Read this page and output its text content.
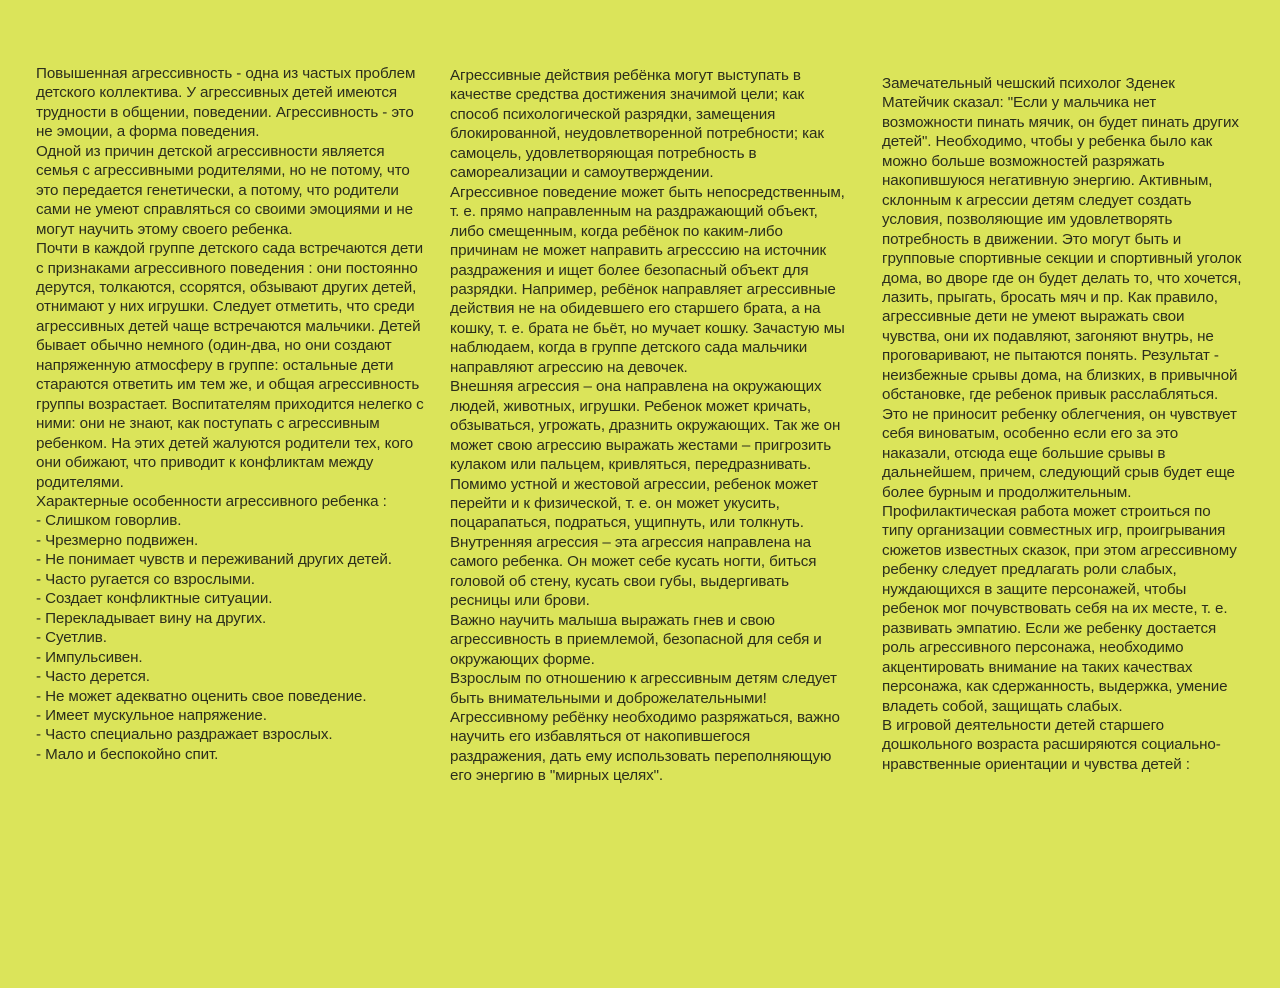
Повышенная агрессивность - одна из частых проблем детского коллектива. У агрессивных детей имеются трудности в общении, поведении. Агрессивность - это не эмоции, а форма поведения.

Одной из причин детской агрессивности является семья с агрессивными родителями, но не потому, что это передается генетически, а потому, что родители сами не умеют справляться со своими эмоциями и не могут научить этому своего ребенка.

Почти в каждой группе детского сада встречаются дети с признаками агрессивного поведения : они постоянно дерутся, толкаются, ссорятся, обзывают других детей, отнимают у них игрушки. Следует отметить, что среди агрессивных детей чаще встречаются мальчики. Детей бывает обычно немного (один-два, но они создают напряженную атмосферу в группе: остальные дети стараются ответить им тем же, и общая агрессивность группы возрастает. Воспитателям приходится нелегко с ними: они не знают, как поступать с агрессивным ребенком. На этих детей жалуются родители тех, кого они обижают, что приводит к конфликтам между родителями.

Характерные особенности агрессивного ребенка :

- Слишком говорлив.

- Чрезмерно подвижен.

- Не понимает чувств и переживаний других детей.

- Часто ругается со взрослыми.

- Создает конфликтные ситуации.

- Перекладывает вину на других.

- Суетлив.

- Импульсивен.

- Часто дерется.

- Не может адекватно оценить свое поведение.

- Имеет мускульное напряжение.

- Часто специально раздражает взрослых.

- Мало и беспокойно спит.

Агрессивные действия ребёнка могут выступать в качестве средства достижения значимой цели; как способ психологической разрядки, замещения блокированной, неудовлетворенной потребности; как самоцель, удовлетворяющая потребность в самореализации и самоутверждении.

Агрессивное поведение может быть непосредственным, т. е. прямо направленным на раздражающий объект, либо смещенным, когда ребёнок по каким-либо причинам не может направить агресссию на источник раздражения и ищет более безопасный объект для разрядки. Например, ребёнок направляет агрессивные действия не на обидевшего его старшего брата, а на кошку, т. е. брата не бьёт, но мучает кошку. Зачастую мы наблюдаем, когда в группе детского сада мальчики направляют агрессию на девочек.

Внешняя агрессия – она направлена на окружающих людей, животных, игрушки. Ребенок может кричать, обзываться, угрожать, дразнить окружающих. Так же он может свою агрессию выражать жестами – пригрозить кулаком или пальцем, кривляться, передразнивать. Помимо устной и жестовой агрессии, ребенок может перейти и к физической, т. е. он может укусить, поцарапаться, подраться, ущипнуть, или толкнуть.

Внутренняя агрессия – эта агрессия направлена на самого ребенка. Он может себе кусать ногти, биться головой об стену, кусать свои губы, выдергивать ресницы или брови.

Важно научить малыша выражать гнев и свою агрессивность в приемлемой, безопасной для себя и окружающих форме.

Взрослым по отношению к агрессивным детям следует быть внимательными и доброжелательными! Агрессивному ребёнку необходимо разряжаться, важно научить его избавляться от накопившегося раздражения, дать ему использовать переполняющую его энергию в "мирных целях".

Замечательный чешский психолог Зденек Матейчик сказал: "Если у мальчика нет возможности пинать мячик, он будет пинать других детей". Необходимо, чтобы у ребенка было как можно больше возможностей разряжать накопившуюся негативную энергию. Активным, склонным к агрессии детям следует создать условия, позволяющие им удовлетворять потребность в движении. Это могут быть и групповые спортивные секции и спортивный уголок дома, во дворе где он будет делать то, что хочется, лазить, прыгать, бросать мяч и пр. Как правило, агрессивные дети не умеют выражать свои чувства, они их подавляют, загоняют внутрь, не проговаривают, не пытаются понять. Результат - неизбежные срывы дома, на близких, в привычной обстановке, где ребенок привык расслабляться. Это не приносит ребенку облегчения, он чувствует себя виноватым, особенно если его за это наказали, отсюда еще большие срывы в дальнейшем, причем, следующий срыв будет еще более бурным и продолжительным.

Профилактическая работа может строиться по типу организации совместных игр, проигрывания сюжетов известных сказок, при этом агрессивному ребенку следует предлагать роли слабых, нуждающихся в защите персонажей, чтобы ребенок мог почувствовать себя на их месте, т. е. развивать эмпатию. Если же ребенку достается роль агрессивного персонажа, необходимо акцентировать внимание на таких качествах персонажа, как сдержанность, выдержка, умение владеть собой, защищать слабых.

В игровой деятельности детей старшего дошкольного возраста расширяются социально-нравственные ориентации и чувства детей :
